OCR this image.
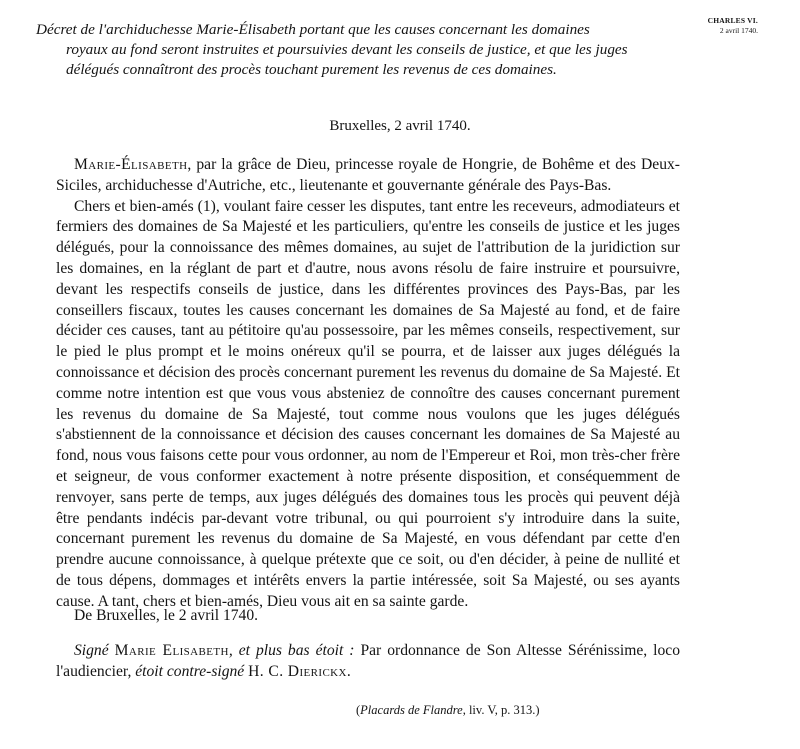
Décret de l'archiduchesse Marie-Élisabeth portant que les causes concernant les domaines
royaux au fond seront instruites et poursuivies devant les conseils de justice, et que les juges
délégués connaîtront des procès touchant purement les revenus de ces domaines.
CHARLES VI.
2 avril 1740.
Bruxelles, 2 avril 1740.

Marie-Élisabeth, par la grâce de Dieu, princesse royale de Hongrie, de Bohême et des Deux-Siciles, archiduchesse d'Autriche, etc., lieutenante et gouvernante générale des Pays-Bas.

Chers et bien-amés (1), voulant faire cesser les disputes, tant entre les receveurs, admodiateurs et fermiers des domaines de Sa Majesté et les particuliers, qu'entre les conseils de justice et les juges délégués, pour la connoissance des mêmes domaines, au sujet de l'attribution de la juridiction sur les domaines, en la réglant de part et d'autre, nous avons résolu de faire instruire et poursuivre, devant les respectifs conseils de justice, dans les différentes provinces des Pays-Bas, par les conseillers fiscaux, toutes les causes concernant les domaines de Sa Majesté au fond, et de faire décider ces causes, tant au pétitoire qu'au possessoire, par les mêmes conseils, respectivement, sur le pied le plus prompt et le moins onéreux qu'il se pourra, et de laisser aux juges délégués la connoissance et décision des procès concernant purement les revenus du domaine de Sa Majesté. Et comme notre intention est que vous vous absteniez de connoître des causes concernant purement les revenus du domaine de Sa Majesté, tout comme nous voulons que les juges délégués s'abstiennent de la connoissance et décision des causes concernant les domaines de Sa Majesté au fond, nous vous faisons cette pour vous ordonner, au nom de l'Empereur et Roi, mon très-cher frère et seigneur, de vous conformer exactement à notre présente disposition, et conséquemment de renvoyer, sans perte de temps, aux juges délégués des domaines tous les procès qui peuvent déjà être pendants indécis par-devant votre tribunal, ou qui pourroient s'y introduire dans la suite, concernant purement les revenus du domaine de Sa Majesté, en vous défendant par cette d'en prendre aucune connoissance, à quelque prétexte que ce soit, ou d'en décider, à peine de nullité et de tous dépens, dommages et intérêts envers la partie intéressée, soit Sa Majesté, ou ses ayants cause. A tant, chers et bien-amés, Dieu vous ait en sa sainte garde.

De Bruxelles, le 2 avril 1740.
Signé Marie Elisabeth, et plus bas étoit : Par ordonnance de Son Altesse Sérénissime, loco l'audiencier, étoit contre-signé H. C. Dierickx.
(Placards de Flandre, liv. V, p. 313.)
